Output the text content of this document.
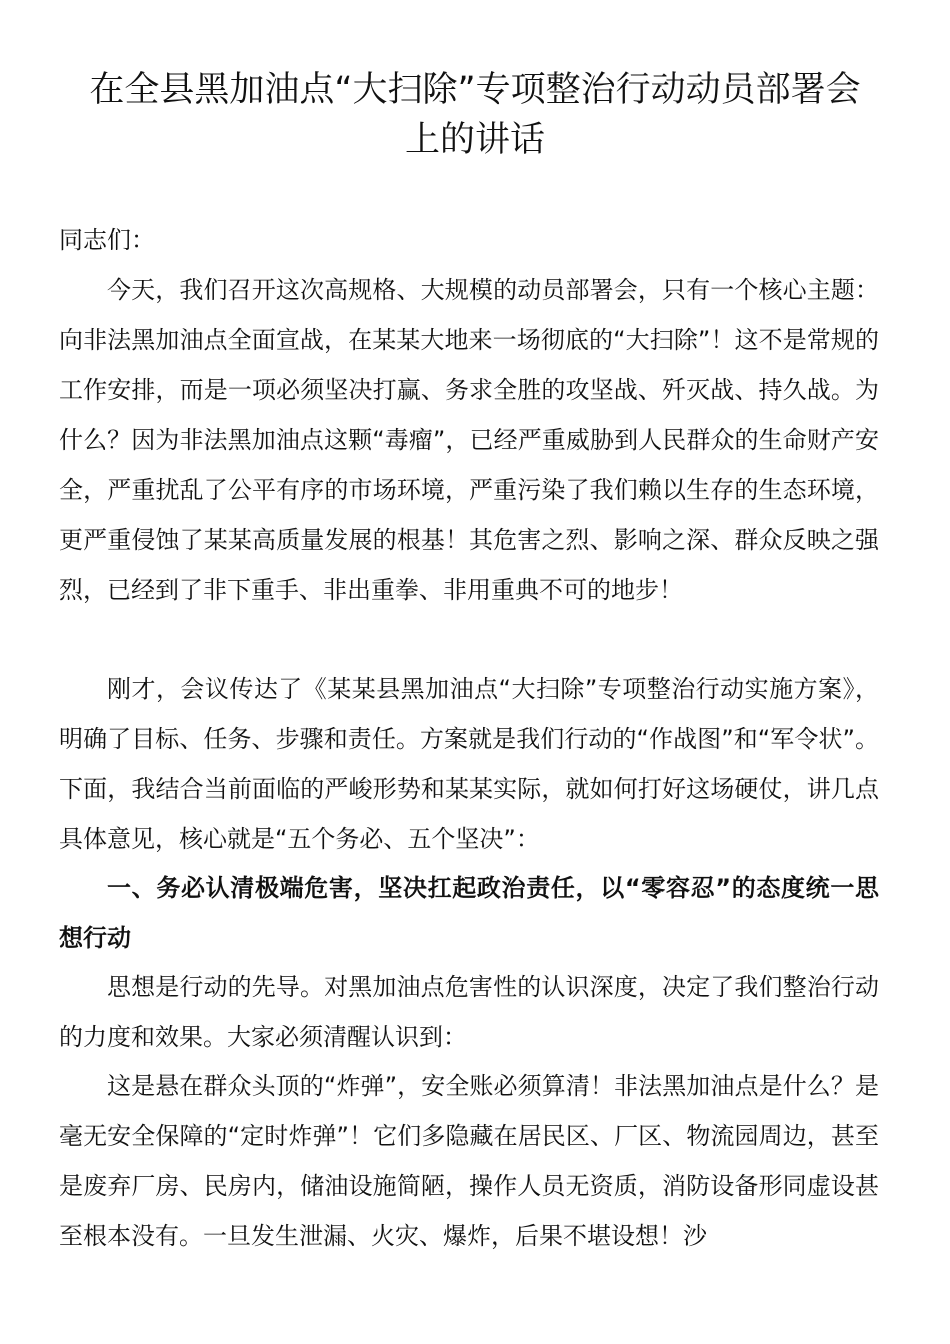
在全县黑加油点“大扫除”专项整治行动动员部署会
上的讲话

同志们：

今天，我们召开这次高规格、大规模的动员部署会，只有一个核心主题：向非法黑加油点全面宣战，在某某大地来一场彻底的“大扫除”！这不是常规的工作安排，而是一项必须坚决打赢、务求全胜的攻坚战、歼灭战、持久战。为什么？因为非法黑加油点这颗“毒瘤”，已经严重威胁到人民群众的生命财产安全，严重扰乱了公平有序的市场环境，严重污染了我们赖以生存的生态环境，更严重侵蚀了某某高质量发展的根基！其危害之烈、影响之深、群众反映之强烈，已经到了非下重手、非出重拳、非用重典不可的地步！

刚才，会议传达了《某某县黑加油点“大扫除”专项整治行动实施方案》，明确了目标、任务、步骤和责任。方案就是我们行动的“作战图”和“军令状”。下面，我结合当前面临的严峻形势和某某实际，就如何打好这场硬仗，讲几点具体意见，核心就是“五个务必、五个坚决”：

一、务必认清极端危害，坚决扛起政治责任，以“零容忍”的态度统一思想行动

思想是行动的先导。对黑加油点危害性的认识深度，决定了我们整治行动的力度和效果。大家必须清醒认识到：

这是悬在群众头顶的“炸弹”，安全账必须算清！非法黑加油点是什么？是毫无安全保障的“定时炸弹”！它们多隐藏在居民区、厂区、物流园周边，甚至是废弃厂房、民房内，储油设施简陋，操作人员无资质，消防设备形同虚设甚至根本没有。一旦发生泄漏、火灾、爆炸，后果不堪设想！沙
